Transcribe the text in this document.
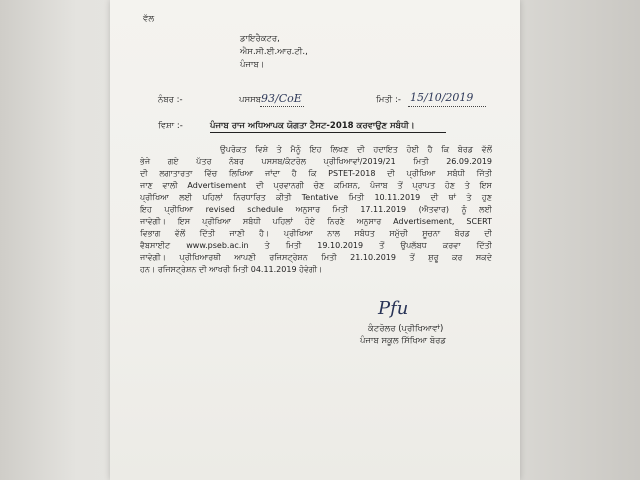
ਵੱਲ
ਡਾਇਰੈਕਟਰ,
ਐਸ.ਸੀ.ਈ.ਆਰ.ਟੀ.,
ਪੰਜਾਬ।
ਨੰਬਰ :-	ਪਸਸਬ 93/CoE	ਮਿਤੀ :- 15/10/2019
ਵਿਸ਼ਾ :-	ਪੰਜਾਬ ਰਾਜ ਅਧਿਆਪਕ ਯੋਗਤਾ ਟੈਸਟ-2018 ਕਰਵਾਉਣ ਸਬੰਧੀ।
ਉਪਰੋਕਤ ਵਿਸ਼ੇ ਤੇ ਮੈਨੂੰ ਇਹ ਲਿਖਣ ਦੀ ਹਦਾਇਤ ਹੋਈ ਹੈ ਕਿ ਬੋਰਡ ਵੱਲੋਂ
ਭੇਜੇ ਗਏ ਪੱਤਰ ਨੰਬਰ ਪਸਸਬ/ਕੰਟਰੋਲ ਪ੍ਰੀਖਿਆਵਾਂ/2019/21 ਮਿਤੀ 26.09.2019
ਦੀ ਲਗਾਤਾਰਤਾ ਵਿੱਚ ਲਿਖਿਆ ਜਾਂਦਾ ਹੈ ਕਿ PSTET-2018 ਦੀ ਪ੍ਰੀਖਿਆ ਸਬੰਧੀ ਜਿੱਤੀ
ਜਾਣ ਵਾਲੀ Advertisement ਦੀ ਪ੍ਰਵਾਨਗੀ ਚੋਣ ਕਮਿਸ਼ਨ, ਪੰਜਾਬ ਤੋਂ ਪ੍ਰਾਪਤ ਹੋਣ ਤੇ ਇਸ
ਪ੍ਰੀਖਿਆ ਲਈ ਪਹਿਲਾਂ ਨਿਰਧਾਰਿਤ ਕੀਤੀ Tentative ਮਿਤੀ 10.11.2019 ਦੀ ਥਾਂ ਤੇ ਹੁਣ
ਇਹ ਪ੍ਰੀਖਿਆ revised schedule ਅਨੁਸਾਰ ਮਿਤੀ 17.11.2019 (ਐਤਵਾਰ) ਨੂੰ ਲਈ
ਜਾਵੇਗੀ। ਇਸ ਪ੍ਰੀਖਿਆ ਸਬੰਧੀ ਪਹਿਲਾਂ ਹੋਏ ਨਿਰਣੇ ਅਨੁਸਾਰ Advertisement, SCERT
ਵਿਭਾਗ ਵੱਲੋਂ ਦਿੱਤੀ ਜਾਣੀ ਹੈ। ਪ੍ਰੀਖਿਆ ਨਾਲ ਸਬੰਧਤ ਸਮੁੱਚੀ ਸੂਚਨਾ ਬੋਰਡ ਦੀ
ਵੈਬਸਾਈਟ www.pseb.ac.in ਤੇ ਮਿਤੀ 19.10.2019 ਤੋਂ ਉਪਲੱਬਧ ਕਰਵਾ ਦਿੱਤੀ
ਜਾਵੇਗੀ। ਪ੍ਰੀਖਿਆਰਥੀ ਆਪਣੀ ਰਜਿਸਟ੍ਰੇਸ਼ਨ ਮਿਤੀ 21.10.2019 ਤੋਂ ਸ਼ੁਰੂ ਕਰ ਸਕਦੇ
ਹਨ। ਰਜਿਸਟ੍ਰੇਸ਼ਨ ਦੀ ਆਖਰੀ ਮਿਤੀ 04.11.2019 ਹੋਵੇਗੀ।
Pfu
ਕੰਟਰੋਲਰ (ਪ੍ਰੀਖਿਆਵਾਂ)
ਪੰਜਾਬ ਸਕੂਲ ਸਿੱਖਿਆ ਬੋਰਡ
